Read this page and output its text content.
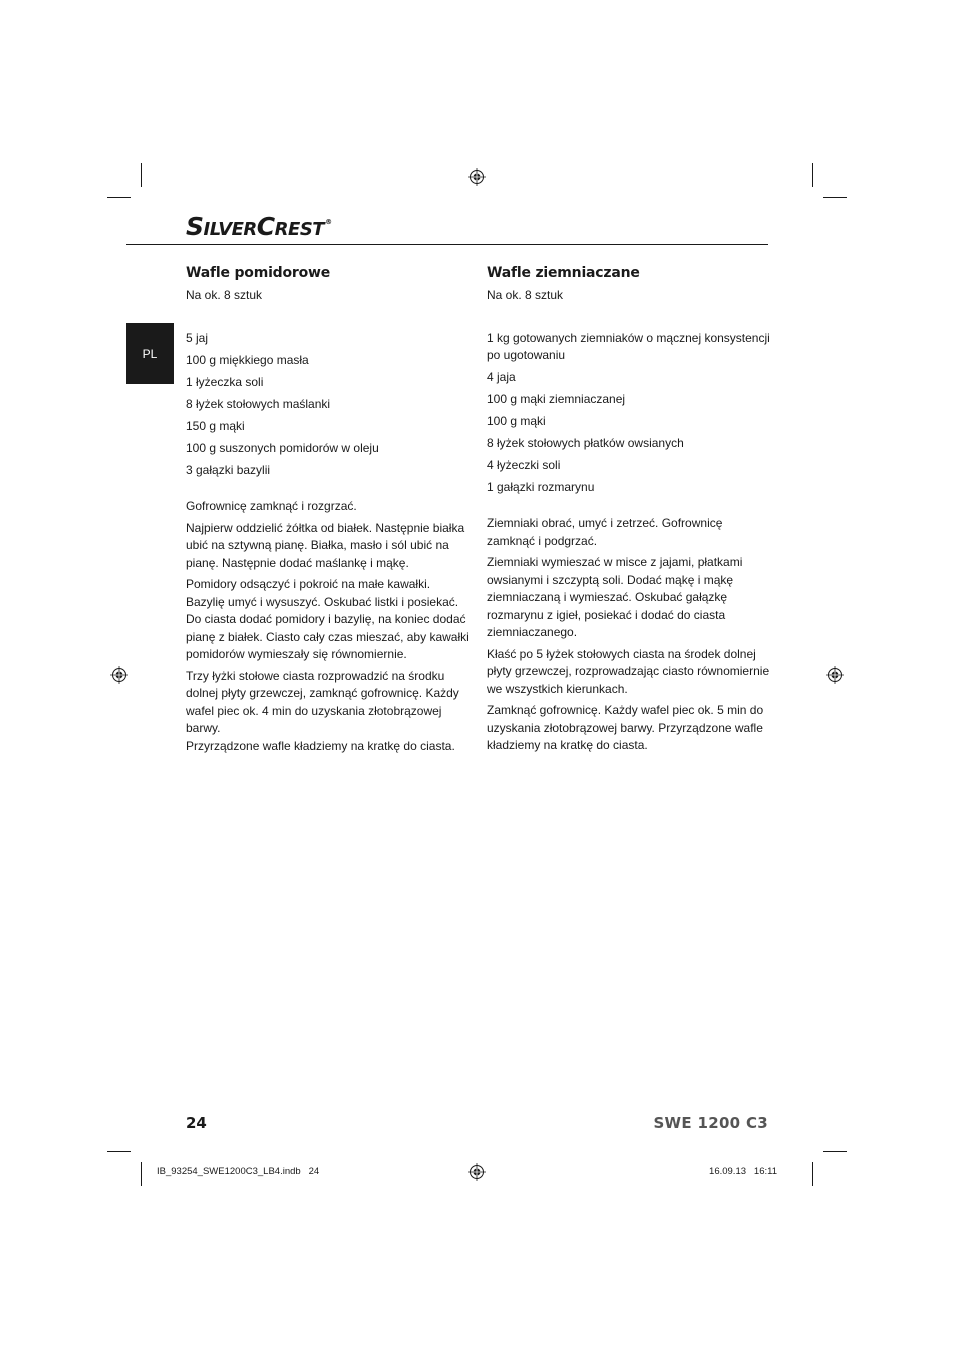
SILVERCREST®
PL
Wafle pomidorowe
Na ok. 8 sztuk
5 jaj
100 g miękkiego masła
1 łyżeczka soli
8 łyżek stołowych maślanki
150 g mąki
100 g suszonych pomidorów w oleju
3 gałązki bazylii

Gofrownicę zamknąć i rozgrzać.

Najpierw oddzielić żółtka od białek. Następnie białka ubić na sztywną pianę. Białka, masło i sól ubić na pianę. Następnie dodać maślankę i mąkę.

Pomidory odsączyć i pokroić na małe kawałki. Bazylię umyć i wysuszyć. Oskubać listki i posiekać. Do ciasta dodać pomidory i bazylię, na koniec dodać pianę z białek. Ciasto cały czas mieszać, aby kawałki pomidorów wymieszały się równomiernie.

Trzy łyżki stołowe ciasta rozprowadzić na środku dolnej płyty grzewczej, zamknąć gofrownicę. Każdy wafel piec ok. 4 min do uzyskania złotobrązowej barwy.

Przyrządzone wafle kładziemy na kratkę do ciasta.

Wafle ziemniaczane
Na ok. 8 sztuk
1 kg gotowanych ziemniaków o mącznej konsystencji po ugotowaniu
4 jaja
100 g mąki ziemniaczanej
100 g mąki
8 łyżek stołowych płatków owsianych
4 łyżeczki soli
1 gałązki rozmarynu

Ziemniaki obrać, umyć i zetrzeć. Gofrownicę zamknąć i podgrzać.

Ziemniaki wymieszać w misce z jajami, płatkami owsianymi i szczyptą soli. Dodać mąkę i mąkę ziemniaczaną i wymieszać. Oskubać gałązkę rozmarynu z igieł, posiekać i dodać do ciasta ziemniaczanego.

Kłaść po 5 łyżek stołowych ciasta na środek dolnej płyty grzewczej, rozprowadzając ciasto równomiernie we wszystkich kierunkach.

Zamknąć gofrownicę. Każdy wafel piec ok. 5 min do uzyskania złotobrązowej barwy. Przyrządzone wafle kładziemy na kratkę do ciasta.

24	SWE 1200 C3
IB_93254_SWE1200C3_LB4.indb   24	16.09.13   16:11
